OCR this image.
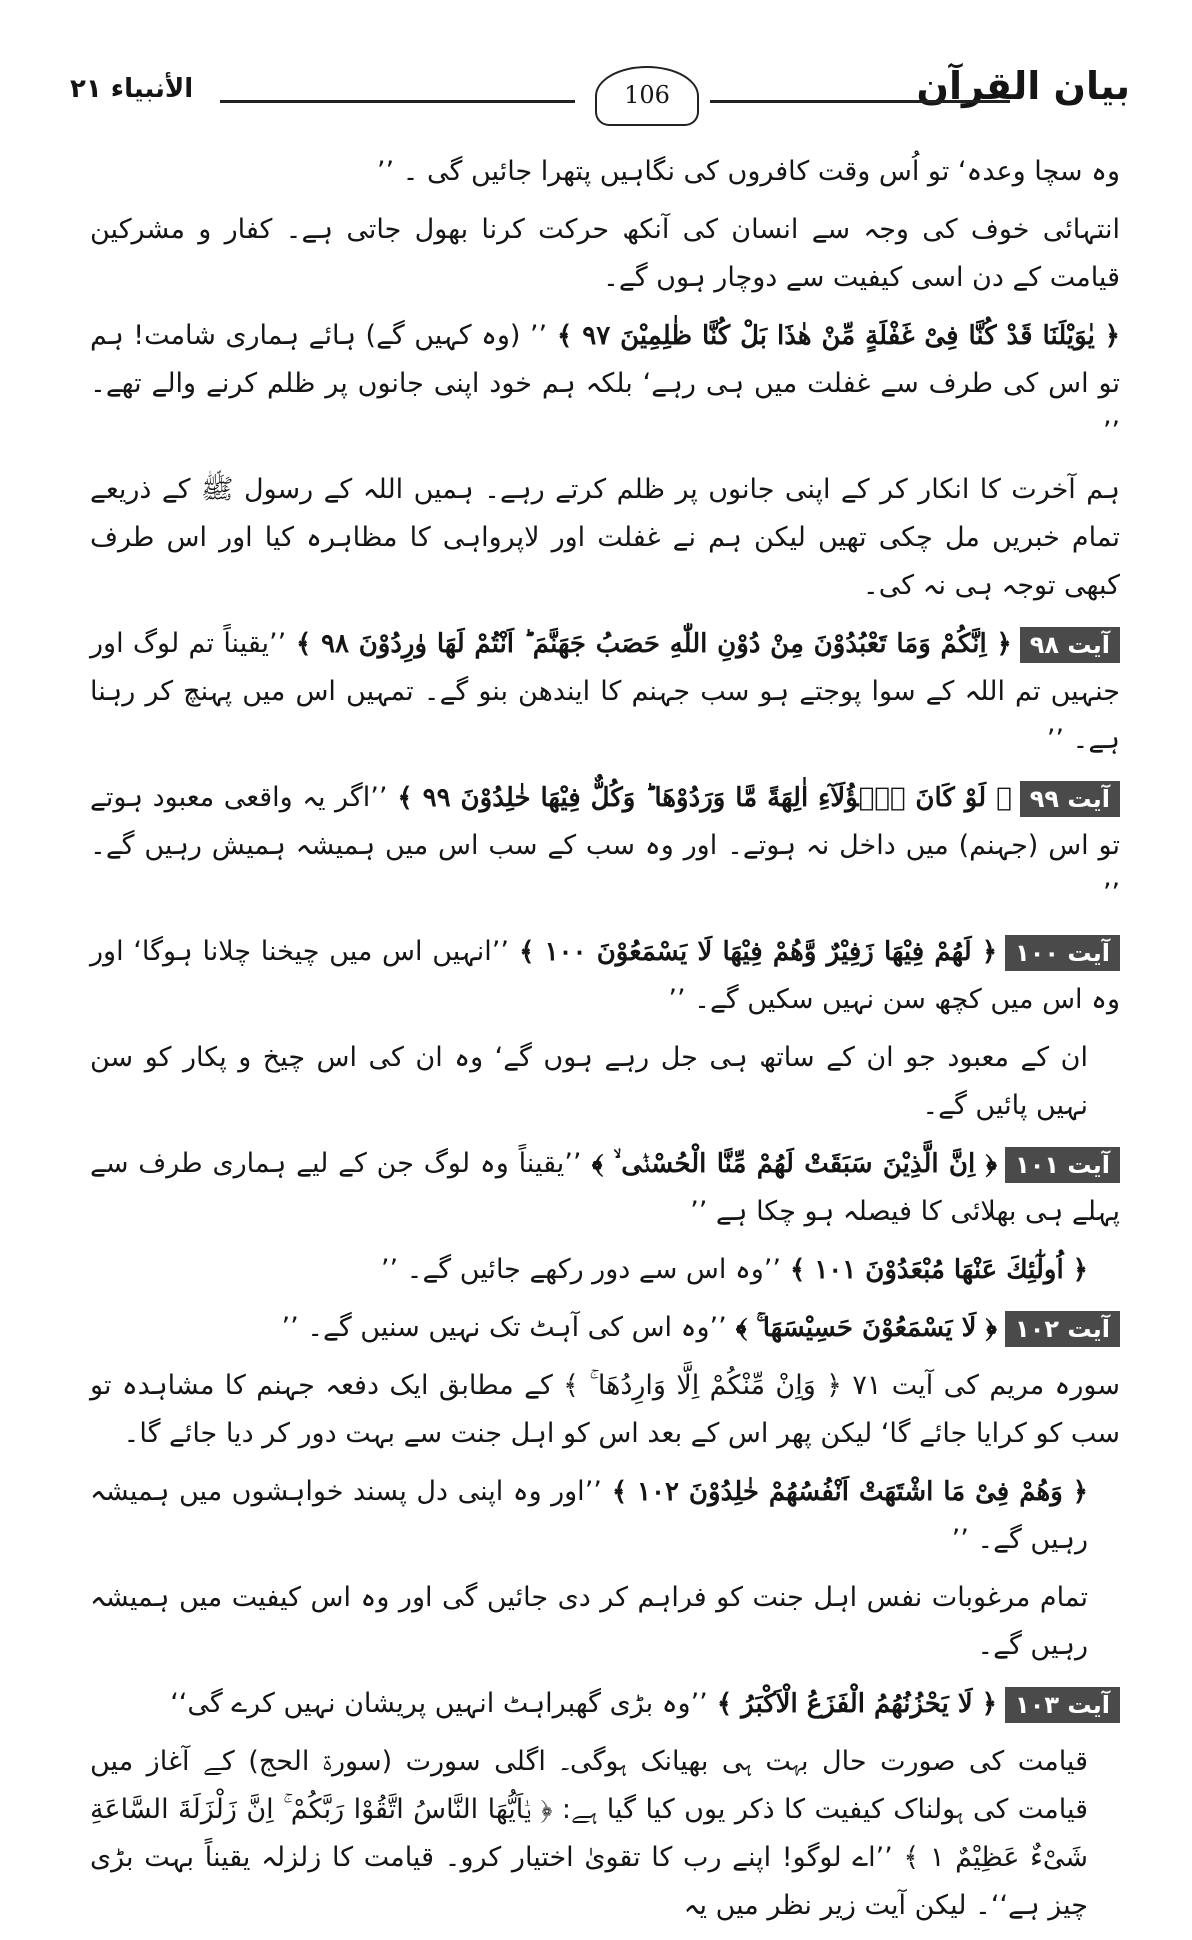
بیان القرآن
106
الأنبیاء ۲۱

وہ سچا وعدہ‘ تو اُس وقت کافروں کی نگاہیں پتھرا جائیں گی ۔ ’’

انتہائی خوف کی وجہ سے انسان کی آنکھ حرکت کرنا بھول جاتی ہے۔ کفار و مشرکین قیامت کے دن اسی کیفیت سے دوچار ہوں گے۔

﴿ یٰوَیْلَنَا قَدْ کُنَّا فِیْ غَفْلَةٍ مِّنْ هٰذَا بَلْ کُنَّا ظٰلِمِیْنَ ۹۷ ﴾ ’’ (وہ کہیں گے) ہائے ہماری شامت! ہم تو اس کی طرف سے غفلت میں ہی رہے‘ بلکہ ہم خود اپنی جانوں پر ظلم کرنے والے تھے۔ ’’

ہم آخرت کا انکار کر کے اپنی جانوں پر ظلم کرتے رہے۔ ہمیں اللہ کے رسول ﷺ کے ذریعے تمام خبریں مل چکی تھیں لیکن ہم نے غفلت اور لاپرواہی کا مظاہرہ کیا اور اس طرف کبھی توجہ ہی نہ کی۔

آیت ۹۸﴿ اِنَّکُمْ وَمَا تَعْبُدُوْنَ مِنْ دُوْنِ اللّٰهِ حَصَبُ جَهَنَّمَ ؕ اَنْتُمْ لَهَا وٰرِدُوْنَ ۹۸ ﴾ ’’یقیناً تم لوگ اور جنہیں تم اللہ کے سوا پوجتے ہو سب جہنم کا ایندھن بنو گے۔ تمہیں اس میں پہنچ کر رہنا ہے۔ ’’

آیت ۹۹﴿ لَوْ کَانَ هٰۤؤُلَآءِ اٰلِهَةً مَّا وَرَدُوْهَا ؕ وَکُلٌّ فِیْهَا خٰلِدُوْنَ ۹۹ ﴾ ’’اگر یہ واقعی معبود ہوتے تو اس (جہنم) میں داخل نہ ہوتے۔ اور وہ سب کے سب اس میں ہمیشہ ہمیش رہیں گے۔ ’’

آیت ۱۰۰﴿ لَهُمْ فِیْهَا زَفِیْرٌ وَّهُمْ فِیْهَا لَا یَسْمَعُوْنَ ۱۰۰ ﴾ ’’انہیں اس میں چیخنا چلانا ہوگا‘ اور وہ اس میں کچھ سن نہیں سکیں گے۔ ’’

ان کے معبود جو ان کے ساتھ ہی جل رہے ہوں گے‘ وہ ان کی اس چیخ و پکار کو سن نہیں پائیں گے۔

آیت ۱۰۱﴿ اِنَّ الَّذِیْنَ سَبَقَتْ لَهُمْ مِّنَّا الْحُسْنٰۤی ۙ ﴾ ’’یقیناً وہ لوگ جن کے لیے ہماری طرف سے پہلے ہی بھلائی کا فیصلہ ہو چکا ہے ’’

﴿ اُولٰٓئِكَ عَنْهَا مُبْعَدُوْنَ ۱۰۱ ﴾ ’’وہ اس سے دور رکھے جائیں گے۔ ’’

آیت ۱۰۲﴿ لَا یَسْمَعُوْنَ حَسِیْسَهَا ۚ ﴾ ’’وہ اس کی آہٹ تک نہیں سنیں گے۔ ’’

سورہ مریم کی آیت ۷۱ ﴿ وَاِنْ مِّنْکُمْ اِلَّا وَارِدُهَا ۚ ﴾ کے مطابق ایک دفعہ جہنم کا مشاہدہ تو سب کو کرایا جائے گا‘ لیکن پھر اس کے بعد اس کو اہل جنت سے بہت دور کر دیا جائے گا۔

﴿ وَهُمْ فِیْ مَا اشْتَهَتْ اَنْفُسُهُمْ خٰلِدُوْنَ ۱۰۲ ﴾ ’’اور وہ اپنی دل پسند خواہشوں میں ہمیشہ رہیں گے۔ ’’

تمام مرغوبات نفس اہل جنت کو فراہم کر دی جائیں گی اور وہ اس کیفیت میں ہمیشہ رہیں گے۔

آیت ۱۰۳﴿ لَا یَحْزُنُهُمُ الْفَزَعُ الْاَکْبَرُ ﴾ ’’وہ بڑی گھبراہٹ انہیں پریشان نہیں کرے گی‘‘

قیامت کی صورت حال بہت ہی بھیانک ہوگی۔ اگلی سورت (سورۃ الحج) کے آغاز میں قیامت کی ہولناک کیفیت کا ذکر یوں کیا گیا ہے: ﴿ یٰۤاَیُّهَا النَّاسُ اتَّقُوْا رَبَّکُمْ ۚ اِنَّ زَلْزَلَةَ السَّاعَةِ شَیْءٌ عَظِیْمٌ ۱ ﴾ ’’اے لوگو! اپنے رب کا تقویٰ اختیار کرو۔ قیامت کا زلزلہ یقیناً بہت بڑی چیز ہے‘‘۔ لیکن آیت زیر نظر میں یہ
